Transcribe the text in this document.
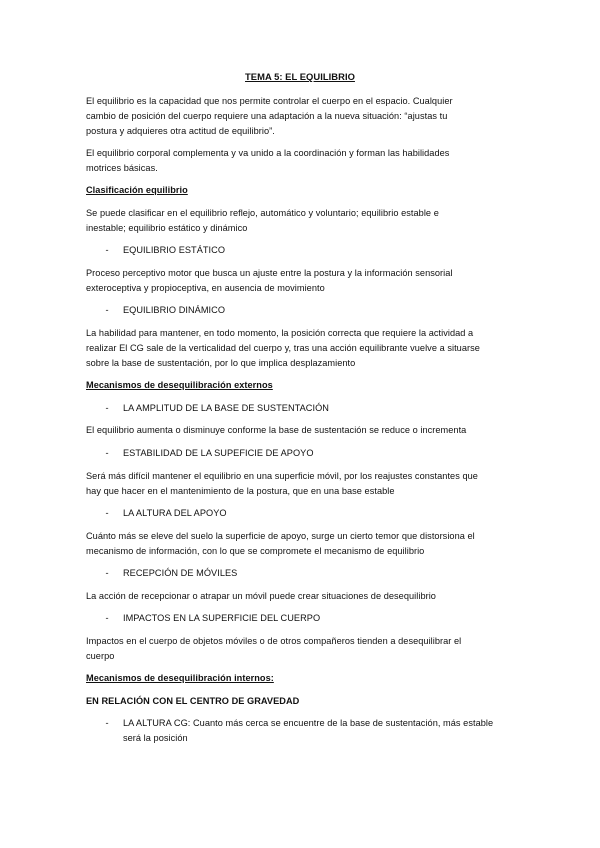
TEMA 5: EL EQUILIBRIO
El equilibrio es la capacidad que nos permite controlar el cuerpo en el espacio. Cualquier
cambio de posición del cuerpo requiere una adaptación a la nueva situación: “ajustas tu
postura y adquieres otra actitud de equilibrio”.
El equilibrio corporal complementa y va unido a la coordinación y forman las habilidades
motrices básicas.
Clasificación equilibrio
Se puede clasificar en el equilibrio reflejo, automático y voluntario; equilibrio estable e
inestable; equilibrio estático y dinámico
- EQUILIBRIO ESTÁTICO
Proceso perceptivo motor que busca un ajuste entre la postura y la información sensorial
exteroceptiva y propioceptiva, en ausencia de movimiento
- EQUILIBRIO DINÁMICO
La habilidad para mantener, en todo momento, la posición correcta que requiere la actividad a
realizar El CG sale de la verticalidad del cuerpo y, tras una acción equilibrante vuelve a situarse
sobre la base de sustentación, por lo que implica desplazamiento
Mecanismos de desequilibración externos
- LA AMPLITUD DE LA BASE DE SUSTENTACIÓN
El equilibrio aumenta o disminuye conforme la base de sustentación se reduce o incrementa
- ESTABILIDAD DE LA SUPEFICIE DE APOYO
Será más difícil mantener el equilibrio en una superficie móvil, por los reajustes constantes que
hay que hacer en el mantenimiento de la postura, que en una base estable
- LA ALTURA DEL APOYO
Cuánto más se eleve del suelo la superficie de apoyo, surge un cierto temor que distorsiona el
mecanismo de información, con lo que se compromete el mecanismo de equilibrio
- RECEPCIÓN DE MÓVILES
La acción de recepcionar o atrapar un móvil puede crear situaciones de desequilibrio
- IMPACTOS EN LA SUPERFICIE DEL CUERPO
Impactos en el cuerpo de objetos móviles o de otros compañeros tienden a desequilibrar el
cuerpo
Mecanismos de desequilibración internos:
EN RELACIÓN CON EL CENTRO DE GRAVEDAD
- LA ALTURA CG: Cuanto más cerca se encuentre de la base de sustentación, más estable
será la posición
